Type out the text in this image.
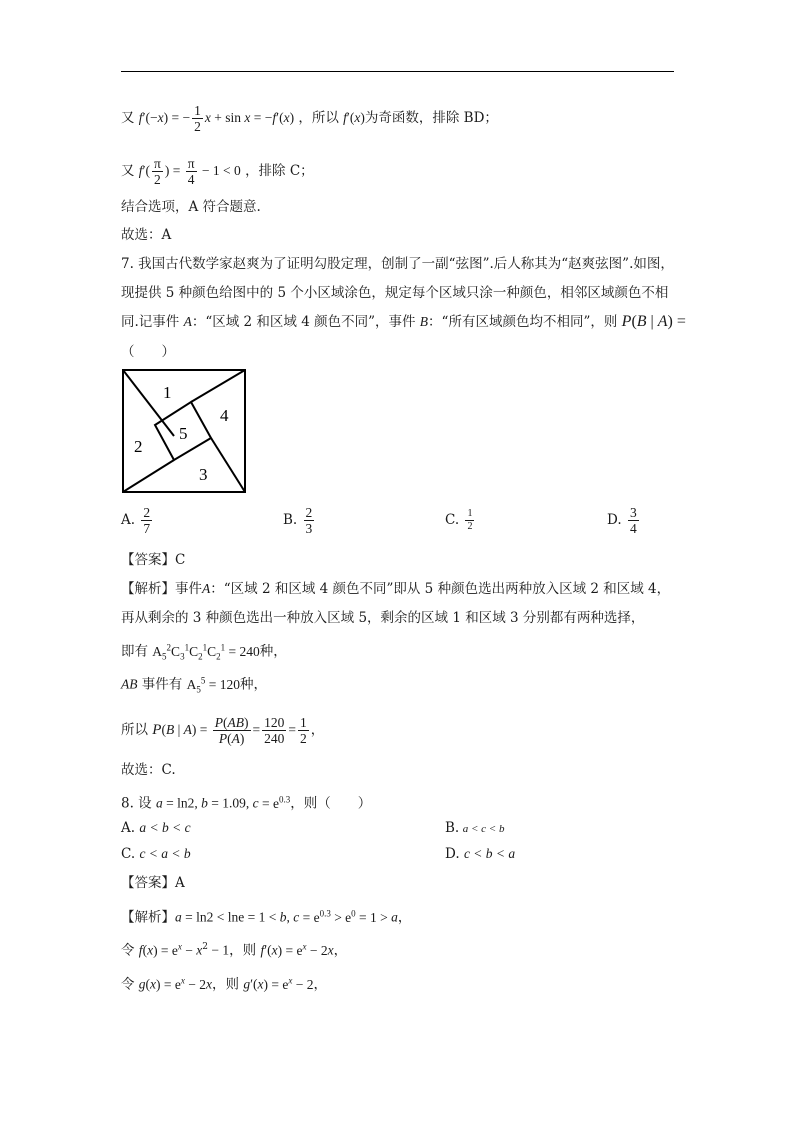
又 f′(−x) = − $\frac{1}{2}$ x + sin x = −f′(x) ，所以 f′(x)为奇函数，排除 BD；
又 $f'( \frac{\pi}{2}$ ) = $\frac{\pi}{4} - 1 < 0$ ，排除 C；
结合选项，A 符合题意.
故选：A
7. 我国古代数学家赵爽为了证明勾股定理，创制了一副“弦图”.后人称其为“赵爽弦图”.如图，
现提供 5 种颜色给图中的 5 个小区域涂色，规定每个区域只涂一种颜色，相邻区域颜色不相
同.记事件 A：“区域 2 和区域 4 颜色不同”，事件 B：“所有区域颜色均不相同”，则 P(B | A) =
（　　）
1
2
3
4
5
A. $\frac{2}{7}$	B. $\frac{2}{3}$	C. $\frac{1}{2}$	D. $\frac{3}{4}$
【答案】C
【解析】事件A：“区域 2 和区域 4 颜色不同”即从 5 种颜色选出两种放入区域 2 和区域 4，
再从剩余的 3 种颜色选出一种放入区域 5，剩余的区域 1 和区域 3 分别都有两种选择，
即有 $A_5^2C_3^1C_2^1C_2^1 = 240$种，
AB 事件有 $A_5^5 = 120$种，
所以 P(B | $A) = \frac{P(AB)}{P(A)} = \frac{120}{240} = \frac{1}{2}$ ，
故选：C.
8. 设 a = ln2, b = 1.09, $c = e^{0.3}$，则（　　）
A. a < b < c	B. a < c < b
C. c < a < b	D. c < b < a
【答案】A
【解析】a = ln2 < lne = 1 < b, $c = e^{0.3} > e^0 = 1 > a$，
令 $f(x) = e^x - x^2 - 1$，则 $f'(x) = e^x - 2x$，
令 $g(x) = e^x - 2x$，则 $g'(x) = e^x - 2$，
